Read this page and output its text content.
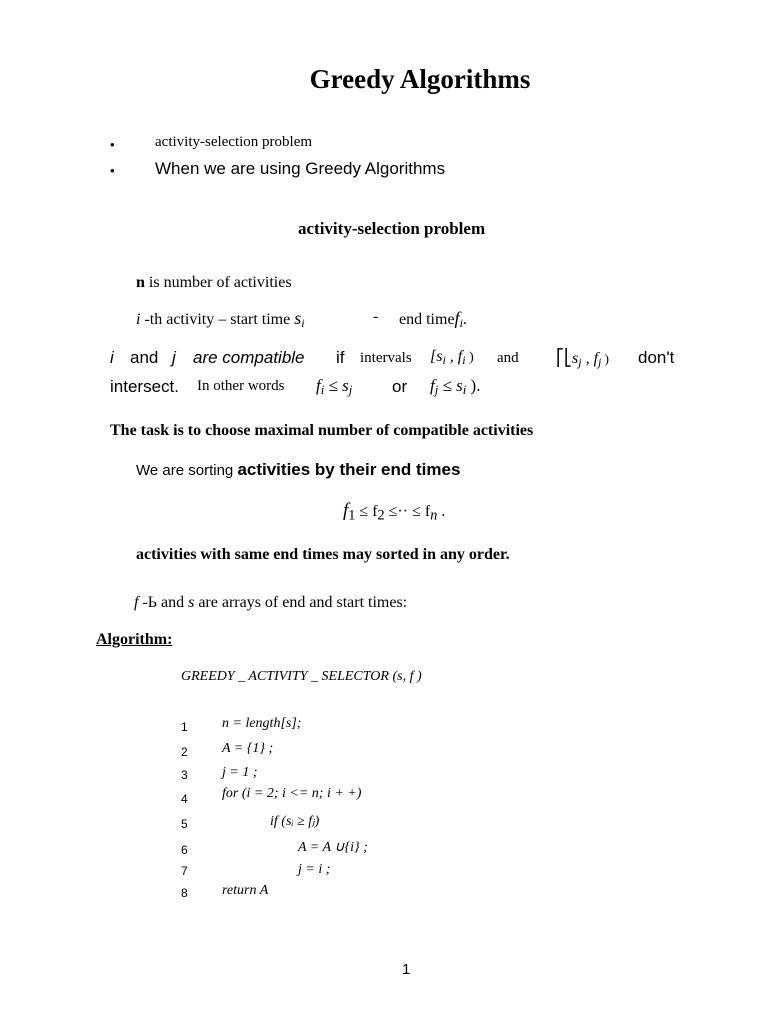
Greedy Algorithms
•	activity-selection problem
• When we are using Greedy Algorithms
activity-selection problem
n is number of activities
i -th activity – start time $s_i$	- end timef$_i$.
i and j are compatible if intervals [$s_i$ , $f_i$ ) and $⎡⎣s_j$ , $f_j$ ) don't
intersect. In other words $f_i \le s_j$ or $f_j \le s_i$ ).
The task is to choose maximal number of compatible activities
We are sorting activities by their end times
$f_1 \le f_2$ ≤·· ≤ $f_n$ .
activities with same end times may sorted in any order.
f -Ь and s are arrays of end and start times:
Algorithm:
GREEDY _ ACTIVITY _ SELECTOR (s, f )
1 n = length[s];
2 A = {1} ;
3 j = 1 ;
4 for (i = 2; i <= n; i + +)
5	if (sᵢ ≥ fⱼ)
6	A = A ∪{i} ;
7	j = i ;
8 return A
1
